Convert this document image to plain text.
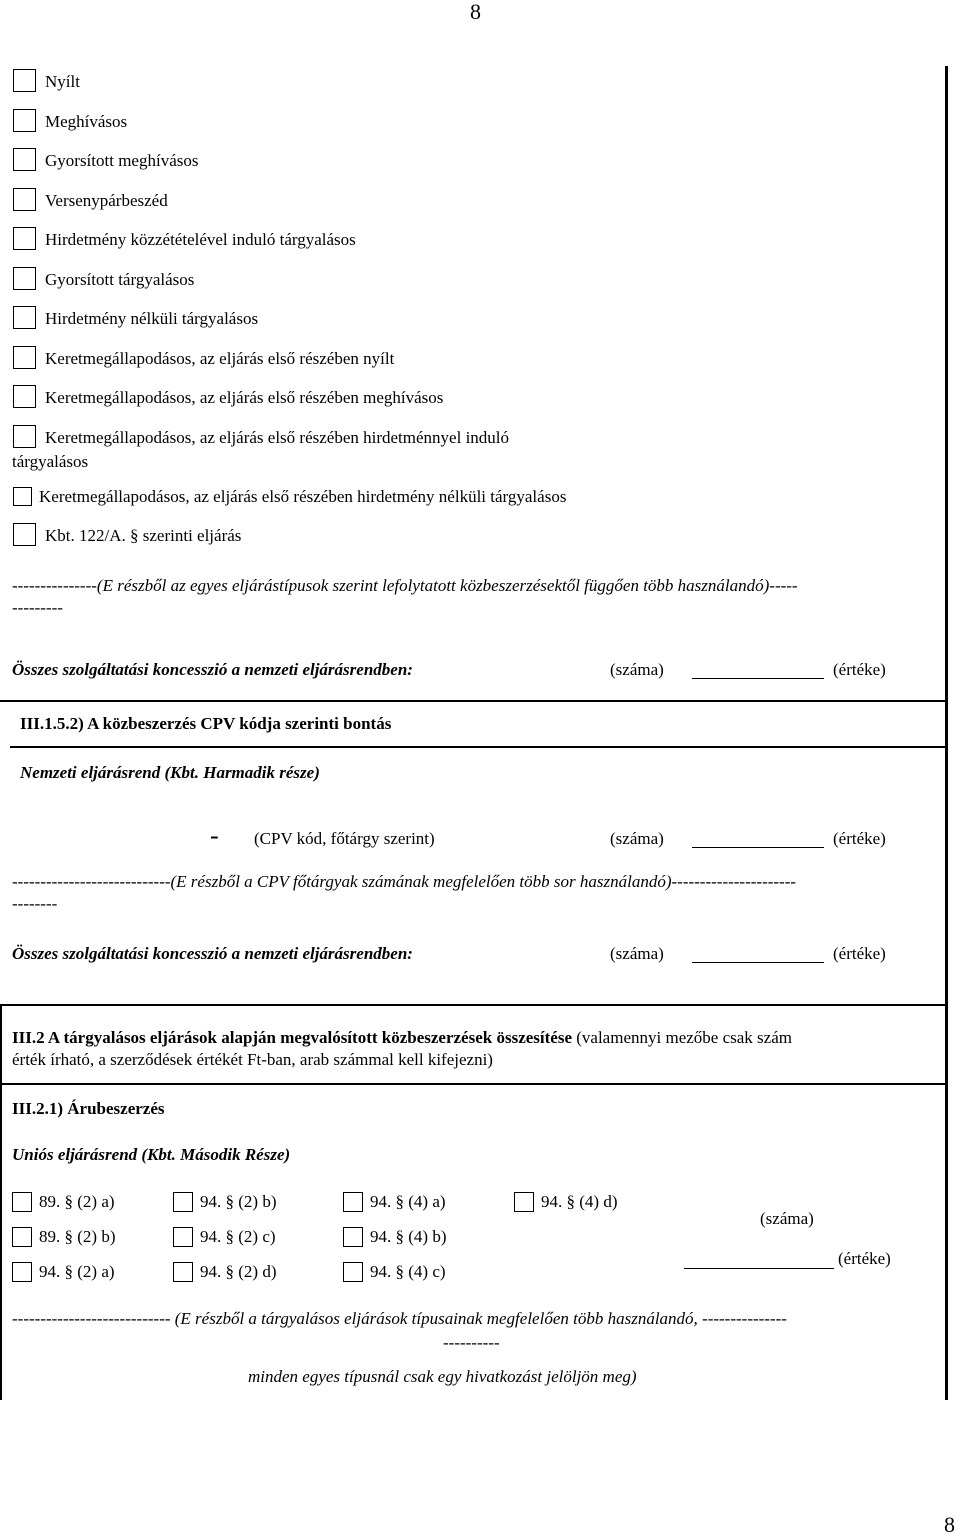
8
Nyílt
Meghívásos
Gyorsított meghívásos
Versenypárbeszéd
Hirdetmény közzétételével induló tárgyalásos
Gyorsított tárgyalásos
Hirdetmény nélküli tárgyalásos
Keretmegállapodásos, az eljárás első részében nyílt
Keretmegállapodásos, az eljárás első részében meghívásos
Keretmegállapodásos, az eljárás első részében hirdetménnyel induló
tárgyalásos
Keretmegállapodásos, az eljárás első részében hirdetmény nélküli tárgyalásos
Kbt. 122/A. § szerinti eljárás
---------------(E részből az egyes eljárástípusok szerint lefolytatott közbeszerzésektől függően több használandó)-----
---------
Összes szolgáltatási koncesszió a nemzeti eljárásrendben:	(száma)	(értéke)
III.1.5.2) A közbeszerzés CPV kódja szerinti bontás
Nemzeti eljárásrend (Kbt. Harmadik része)
- (CPV kód, főtárgy szerint)	(száma)	(értéke)
----------------------------(E részből a CPV főtárgyak számának megfelelően több sor használandó)----------------------
--------
Összes szolgáltatási koncesszió a nemzeti eljárásrendben:	(száma)	(értéke)
III.2 A tárgyalásos eljárások alapján megvalósított közbeszerzések összesítése (valamennyi mezőbe csak szám
érték írható, a szerződések értékét Ft-ban, arab számmal kell kifejezni)
III.2.1) Árubeszerzés
Uniós eljárásrend (Kbt. Második Része)
89. § (2) a)	94. § (2) b)	94. § (4) a)	94. § (4) d)
89. § (2) b)	94. § (2) c)	94. § (4) b)
94. § (2) a)	94. § (2) d)	94. § (4) c)
(száma)
(értéke)
---------------------------- (E részből a tárgyalásos eljárások típusainak megfelelően több használandó, ---------------
----------
minden egyes típusnál csak egy hivatkozást jelöljön meg)
8
